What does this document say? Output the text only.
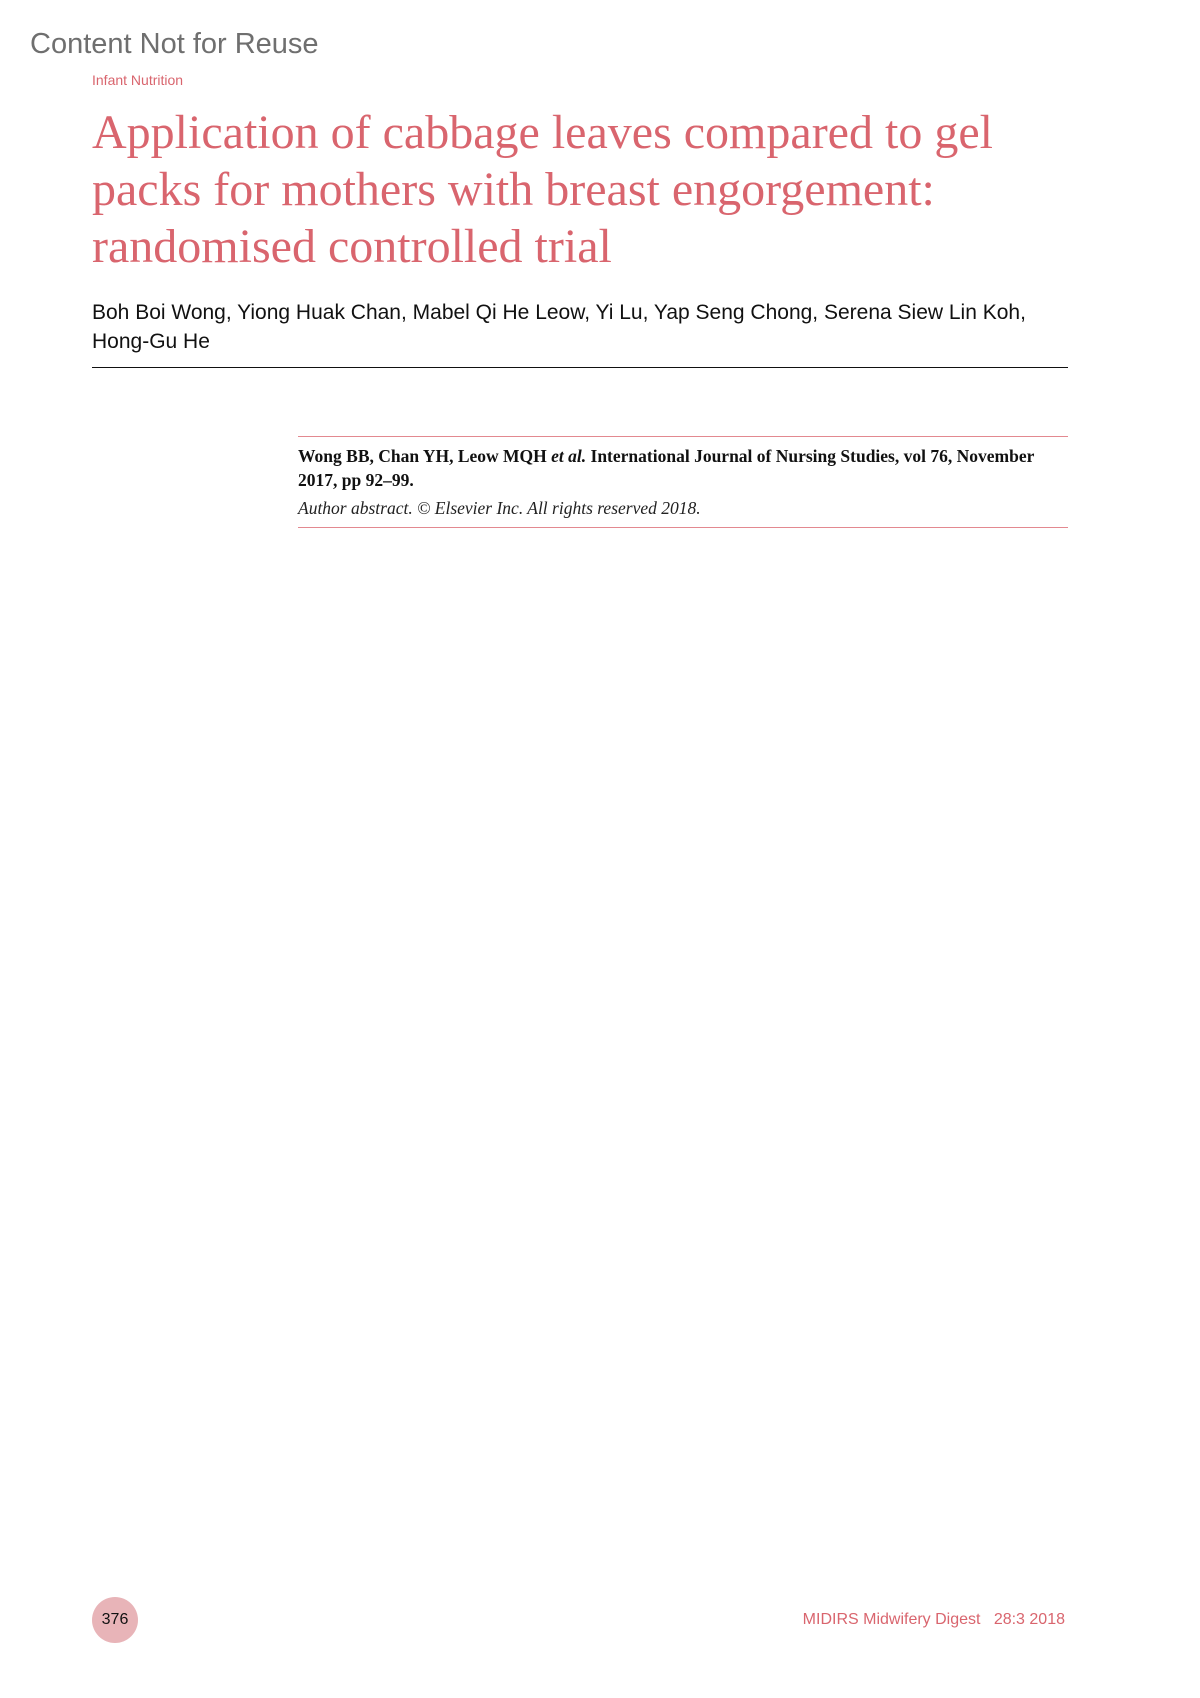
Content Not for Reuse
Infant Nutrition
Application of cabbage leaves compared to gel packs for mothers with breast engorgement: randomised controlled trial

Boh Boi Wong, Yiong Huak Chan, Mabel Qi He Leow, Yi Lu, Yap Seng Chong, Serena Siew Lin Koh, Hong-Gu He

Wong BB, Chan YH, Leow MQH et al. International Journal of Nursing Studies, vol 76, November 2017, pp 92–99.

Author abstract. © Elsevier Inc. All rights reserved 2018.

376	MIDIRS Midwifery Digest   28:3 2018
